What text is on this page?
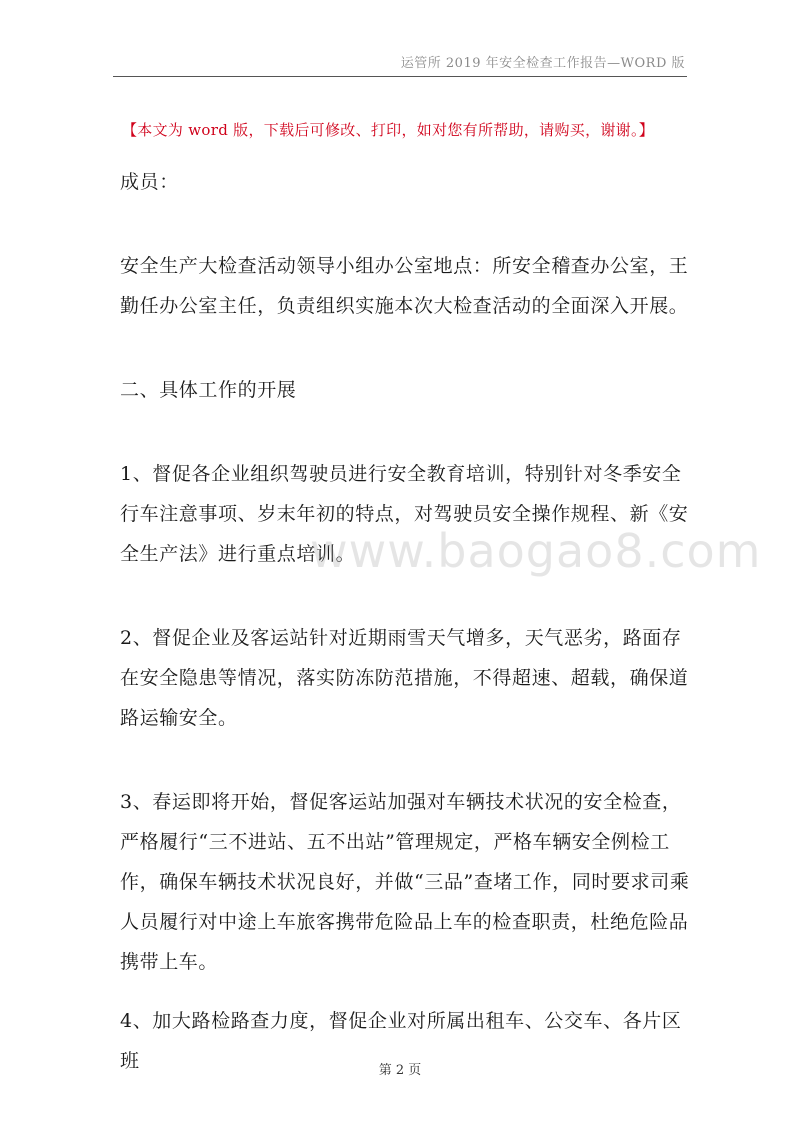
运管所 2019 年安全检查工作报告—WORD 版
【本文为 word 版，下载后可修改、打印，如对您有所帮助，请购买，谢谢。】

成员：

安全生产大检查活动领导小组办公室地点：所安全稽查办公室，王勤任办公室主任，负责组织实施本次大检查活动的全面深入开展。

二、具体工作的开展

1、督促各企业组织驾驶员进行安全教育培训，特别针对冬季安全行车注意事项、岁末年初的特点，对驾驶员安全操作规程、新《安全生产法》进行重点培训。

2、督促企业及客运站针对近期雨雪天气增多，天气恶劣，路面存在安全隐患等情况，落实防冻防范措施，不得超速、超载，确保道路运输安全。

3、春运即将开始，督促客运站加强对车辆技术状况的安全检查，严格履行“三不进站、五不出站”管理规定，严格车辆安全例检工作，确保车辆技术状况良好，并做“三品”查堵工作，同时要求司乘人员履行对中途上车旅客携带危险品上车的检查职责，杜绝危险品携带上车。

4、加大路检路查力度，督促企业对所属出租车、公交车、各片区班

www.baogao8.com
第 2 页
